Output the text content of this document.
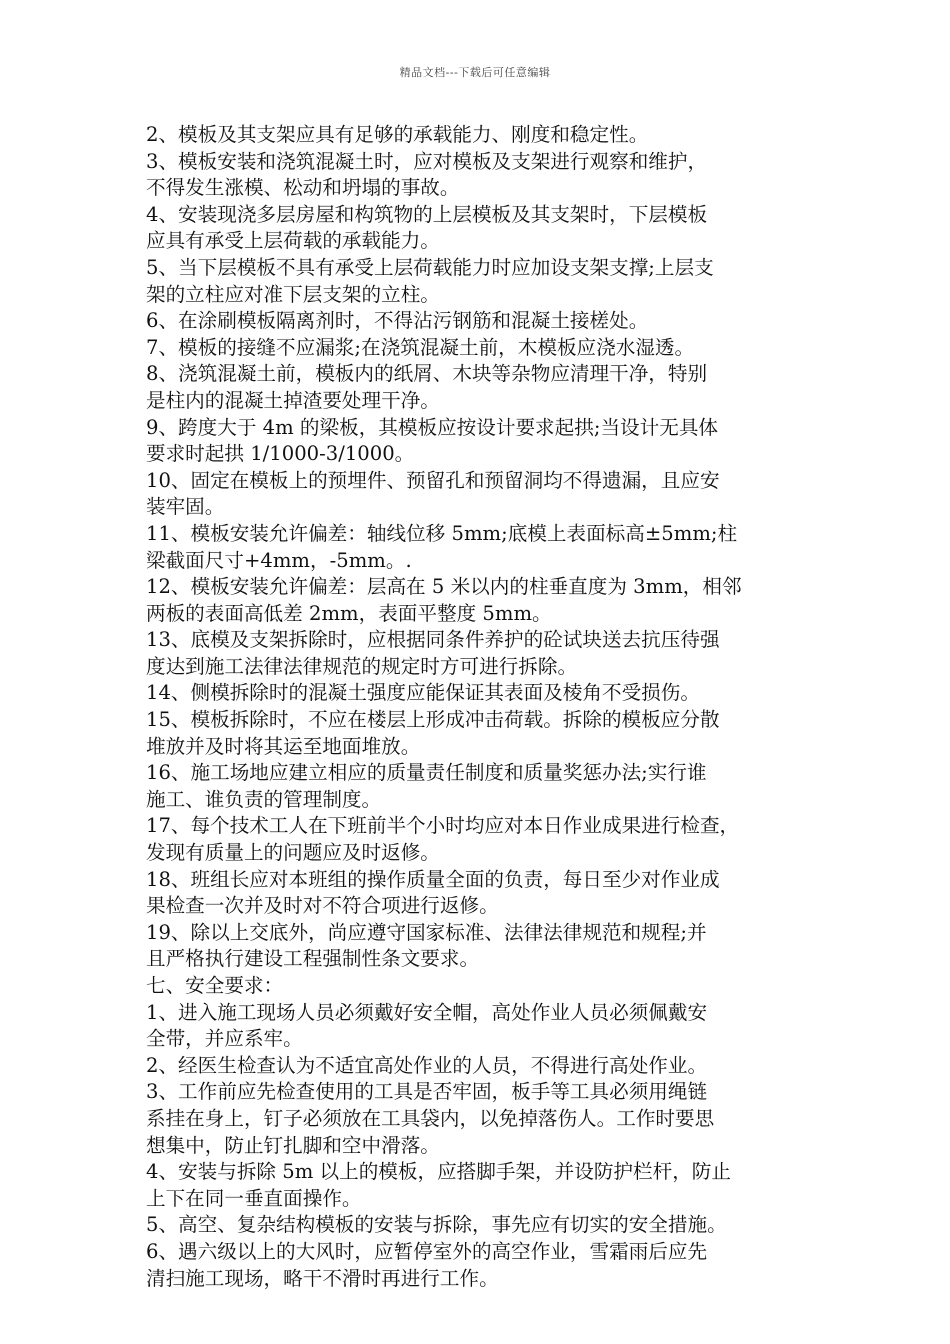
精品文档---下载后可任意编辑
2、模板及其支架应具有足够的承载能力、刚度和稳定性。
3、模板安装和浇筑混凝土时，应对模板及支架进行观察和维护，
不得发生涨模、松动和坍塌的事故。
4、安装现浇多层房屋和构筑物的上层模板及其支架时，下层模板
应具有承受上层荷载的承载能力。
5、当下层模板不具有承受上层荷载能力时应加设支架支撑;上层支
架的立柱应对准下层支架的立柱。
6、在涂刷模板隔离剂时，不得沾污钢筋和混凝土接槎处。
7、模板的接缝不应漏浆;在浇筑混凝土前，木模板应浇水湿透。
8、浇筑混凝土前，模板内的纸屑、木块等杂物应清理干净，特别
是柱内的混凝土掉渣要处理干净。
9、跨度大于 4m 的梁板，其模板应按设计要求起拱;当设计无具体
要求时起拱 1/1000-3/1000。
10、固定在模板上的预埋件、预留孔和预留洞均不得遗漏，且应安
装牢固。
11、模板安装允许偏差：轴线位移 5mm;底模上表面标高±5mm;柱
梁截面尺寸+4mm，-5mm。.
12、模板安装允许偏差：层高在 5 米以内的柱垂直度为 3mm，相邻
两板的表面高低差 2mm，表面平整度 5mm。
13、底模及支架拆除时，应根据同条件养护的砼试块送去抗压待强
度达到施工法律法律规范的规定时方可进行拆除。
14、侧模拆除时的混凝土强度应能保证其表面及棱角不受损伤。
15、模板拆除时，不应在楼层上形成冲击荷载。拆除的模板应分散
堆放并及时将其运至地面堆放。
16、施工场地应建立相应的质量责任制度和质量奖惩办法;实行谁
施工、谁负责的管理制度。
17、每个技术工人在下班前半个小时均应对本日作业成果进行检查，
发现有质量上的问题应及时返修。
18、班组长应对本班组的操作质量全面的负责，每日至少对作业成
果检查一次并及时对不符合项进行返修。
19、除以上交底外，尚应遵守国家标准、法律法律规范和规程;并
且严格执行建设工程强制性条文要求。
七、安全要求：
1、进入施工现场人员必须戴好安全帽，高处作业人员必须佩戴安
全带，并应系牢。
2、经医生检查认为不适宜高处作业的人员，不得进行高处作业。
3、工作前应先检查使用的工具是否牢固，板手等工具必须用绳链
系挂在身上，钉子必须放在工具袋内，以免掉落伤人。工作时要思
想集中，防止钉扎脚和空中滑落。
4、安装与拆除 5m 以上的模板，应搭脚手架，并设防护栏杆，防止
上下在同一垂直面操作。
5、高空、复杂结构模板的安装与拆除，事先应有切实的安全措施。
6、遇六级以上的大风时，应暂停室外的高空作业，雪霜雨后应先
清扫施工现场，略干不滑时再进行工作。
